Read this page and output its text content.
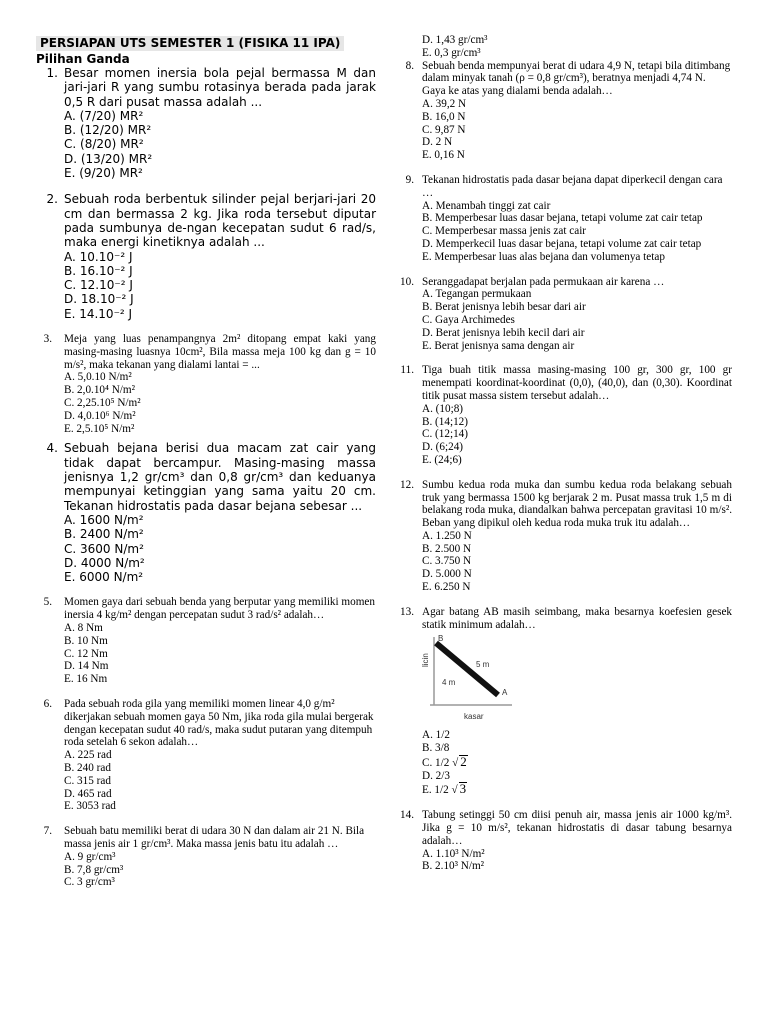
PERSIAPAN UTS SEMESTER 1 (FISIKA 11 IPA)
Pilihan Ganda
1. Besar momen inersia bola pejal bermassa M dan jari-jari R yang sumbu rotasinya berada pada jarak 0,5 R dari pusat massa adalah ...
A. (7/20) MR²
B. (12/20) MR²
C. (8/20) MR²
D. (13/20) MR²
E. (9/20) MR²
2. Sebuah roda berbentuk silinder pejal berjari-jari 20 cm dan bermassa 2 kg. Jika roda tersebut diputar pada sumbunya de-ngan kecepatan sudut 6 rad/s, maka energi kinetiknya adalah ...
A. 10.10⁻² J
B. 16.10⁻² J
C. 12.10⁻² J
D. 18.10⁻² J
E. 14.10⁻² J
3. Meja yang luas penampangnya 2m² ditopang empat kaki yang masing-masing luasnya 10cm², Bila massa meja 100 kg dan g = 10 m/s², maka tekanan yang dialami lantai = ...
A. 5,0.10 N/m²
B. 2,0.10⁴ N/m²
C. 2,25.10⁵ N/m²
D. 4,0.10⁶ N/m²
E. 2,5.10⁵ N/m²
4. Sebuah bejana berisi dua macam zat cair yang tidak dapat bercampur. Masing-masing massa jenisnya 1,2 gr/cm³ dan 0,8 gr/cm³ dan keduanya mempunyai ketinggian yang sama yaitu 20 cm. Tekanan hidrostatis pada dasar bejana sebesar ...
A. 1600 N/m²
B. 2400 N/m²
C. 3600 N/m²
D. 4000 N/m²
E. 6000 N/m²
5. Momen gaya dari sebuah benda yang berputar yang memiliki momen inersia 4 kg/m² dengan percepatan sudut 3 rad/s² adalah…
A. 8 Nm
B. 10 Nm
C. 12 Nm
D. 14 Nm
E. 16 Nm
6. Pada sebuah roda gila yang memiliki momen linear 4,0 g/m² dikerjakan sebuah momen gaya 50 Nm, jika roda gila mulai bergerak dengan kecepatan sudut 40 rad/s, maka sudut putaran yang ditempuh roda setelah 6 sekon adalah…
A. 225 rad
B. 240 rad
C. 315 rad
D. 465 rad
E. 3053 rad
7. Sebuah batu memiliki berat di udara 30 N dan dalam air 21 N. Bila massa jenis air 1 gr/cm³. Maka massa jenis batu itu adalah …
A. 9 gr/cm³
B. 7,8 gr/cm³
C. 3 gr/cm³
D. 1,43 gr/cm³
E. 0,3 gr/cm³
8. Sebuah benda mempunyai berat di udara 4,9 N, tetapi bila ditimbang dalam minyak tanah (ρ = 0,8 gr/cm³), beratnya menjadi 4,74 N. Gaya ke atas yang dialami benda adalah…
A. 39,2 N
B. 16,0 N
C. 9,87 N
D. 2 N
E. 0,16 N
9. Tekanan hidrostatis pada dasar bejana dapat diperkecil dengan cara …
A. Menambah tinggi zat cair
B. Memperbesar luas dasar bejana, tetapi volume zat cair tetap
C. Memperbesar massa jenis zat cair
D. Memperkecil luas dasar bejana, tetapi volume zat cair tetap
E. Memperbesar luas alas bejana dan volumenya tetap
10. Seranggadapat berjalan pada permukaan air karena …
A. Tegangan permukaan
B. Berat jenisnya lebih besar dari air
C. Gaya Archimedes
D. Berat jenisnya lebih kecil dari air
E. Berat jenisnya sama dengan air
11. Tiga buah titik massa masing-masing 100 gr, 300 gr, 100 gr menempati koordinat-koordinat (0,0), (40,0), dan (0,30). Koordinat titik pusat massa sistem tersebut adalah…
A. (10;8)
B. (14;12)
C. (12;14)
D. (6;24)
E. (24;6)
12. Sumbu kedua roda muka dan sumbu kedua roda belakang sebuah truk yang bermassa 1500 kg berjarak 2 m. Pusat massa truk 1,5 m di belakang roda muka, diandalkan bahwa percepatan gravitasi 10 m/s². Beban yang dipikul oleh kedua roda muka truk itu adalah…
A. 1.250 N
B. 2.500 N
C. 3.750 N
D. 5.000 N
E. 6.250 N
13. Agar batang AB masih seimbang, maka besarnya koefesien gesek statik minimum adalah…
licin
B
A
5 m
4 m
kasar
A. 1/2
B. 3/8
C. 1/2 √ 2
D. 2/3
E. 1/2 √ 3
14. Tabung setinggi 50 cm diisi penuh air, massa jenis air 1000 kg/m³. Jika g = 10 m/s², tekanan hidrostatis di dasar tabung besarnya adalah…
A. 1.10³ N/m²
B. 2.10³ N/m²
